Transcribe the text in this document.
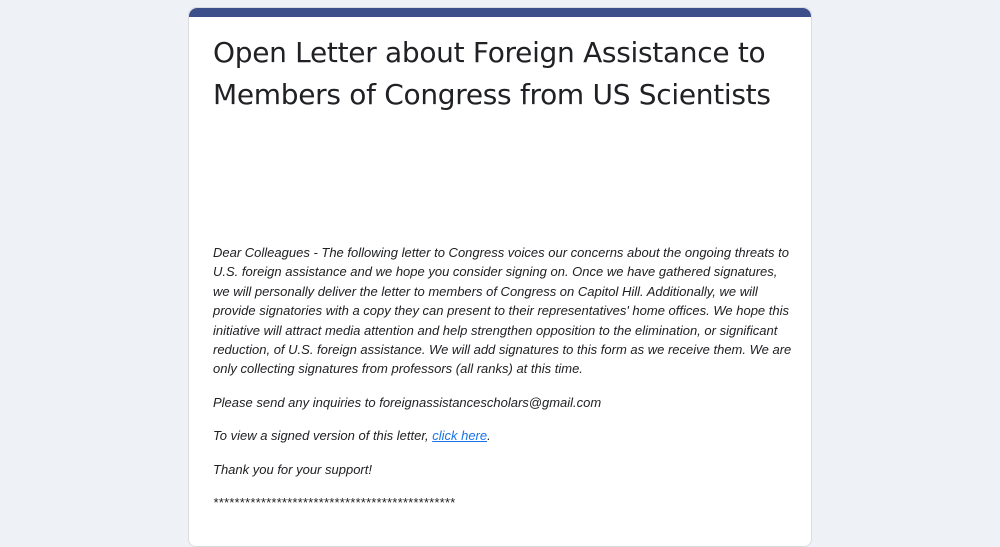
Open Letter about Foreign Assistance to Members of Congress from US Scientists

Dear Colleagues - The following letter to Congress voices our concerns about the ongoing threats to U.S. foreign assistance and we hope you consider signing on. Once we have gathered signatures, we will personally deliver the letter to members of Congress on Capitol Hill. Additionally, we will provide signatories with a copy they can present to their representatives' home offices. We hope this initiative will attract media attention and help strengthen opposition to the elimination, or significant reduction, of U.S. foreign assistance. We will add signatures to this form as we receive them. We are only collecting signatures from professors (all ranks) at this time.

Please send any inquiries to foreignassistancescholars@gmail.com

To view a signed version of this letter, click here.

Thank you for your support!

**********************************************
